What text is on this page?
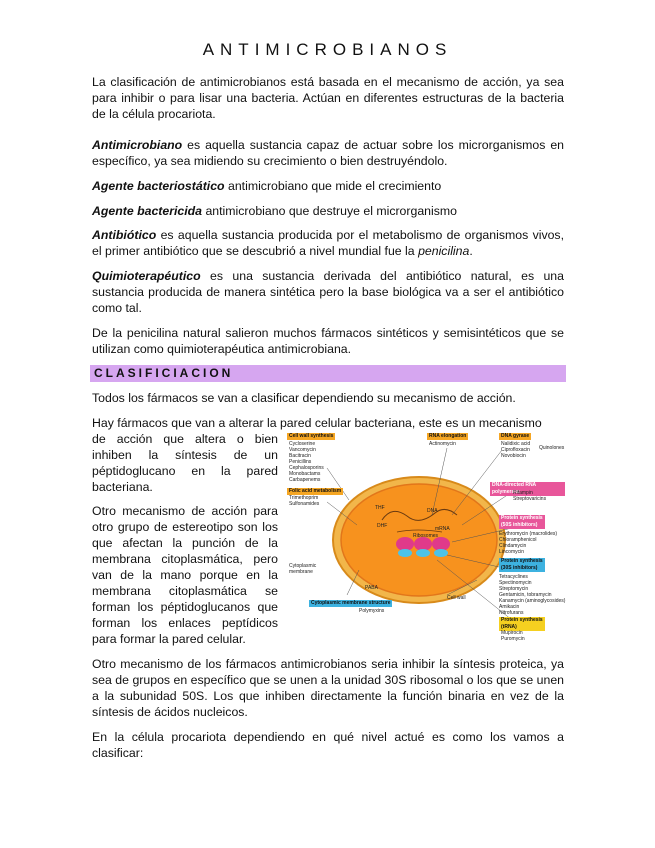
ANTIMICROBIANOS

La clasificación de antimicrobianos está basada en el mecanismo de acción, ya sea para inhibir o para lisar una bacteria. Actúan en diferentes estructuras de la bacteria de la célula procariota.

Antimicrobiano es aquella sustancia capaz de actuar sobre los microrganismos en específico, ya sea midiendo su crecimiento o bien destruyéndolo.

Agente bacteriostático antimicrobiano que mide el crecimiento

Agente bactericida antimicrobiano que destruye el microrganismo

Antibiótico es aquella sustancia producida por el metabolismo de organismos vivos, el primer antibiótico que se descubrió a nivel mundial fue la penicilina.

Quimioterapéutico es una sustancia derivada del antibiótico natural, es una sustancia producida de manera sintética pero la base biológica va a ser el antibiótico como tal.

De la penicilina natural salieron muchos fármacos sintéticos y semisintéticos que se utilizan como quimioterapéutica antimicrobiana.

CLASIFICIACION

Todos los fármacos se van a clasificar dependiendo su mecanismo de acción.

Hay fármacos que van a alterar la pared celular bacteriana, este es un mecanismo

de acción que altera o bien inhiben la síntesis de un péptidoglucano en la pared bacteriana.

Otro mecanismo de acción para otro grupo de estereotipo son los que afectan la punción de la membrana citoplasmática, pero van de la mano porque en la membrana citoplasmática se forman los péptidoglucanos que forman los enlaces peptídicos para formar la pared celular.

Cell wall synthesis
Cycloserine
Vancomycin
Bacitracin
Penicillins
Cephalosporins
Monobactams
Carbapenems
Folic acid metabolism
Trimethoprim
Sulfonamides
Cytoplasmic
membrane
Cytoplasmic membrane structure
Polymyxins
RNA elongation
Actinomycin
DNA gyrase
Nalidixic acid
Ciprofloxacin
Novobiocin
Quinolones
DNA-directed RNA polymerase
Rifampin
Streptovaricins
Protein synthesis
(50S inhibitors)
Erythromycin (macrolides)
Chloramphenicol
Clindamycin
Lincomycin
Protein synthesis
(30S inhibitors)
Tetracyclines
Spectinomycin
Streptomycin
Gentamicin, tobramycin
Kanamycin (aminoglycosides)
Amikacin
Nitrofurans
Protein synthesis
(tRNA)
Mupirocin
Puromycin
THF
DHF
PABA
DNA
mRNA
Ribosomes
Cell wall

Otro mecanismo de los fármacos antimicrobianos seria inhibir la síntesis proteica, ya sea de grupos en específico que se unen a la unidad 30S ribosomal o los que se unen a la subunidad 50S. Los que inhiben directamente la función binaria en vez de la síntesis de ácidos nucleicos.

En la célula procariota dependiendo en qué nivel actué es como los vamos a clasificar:
